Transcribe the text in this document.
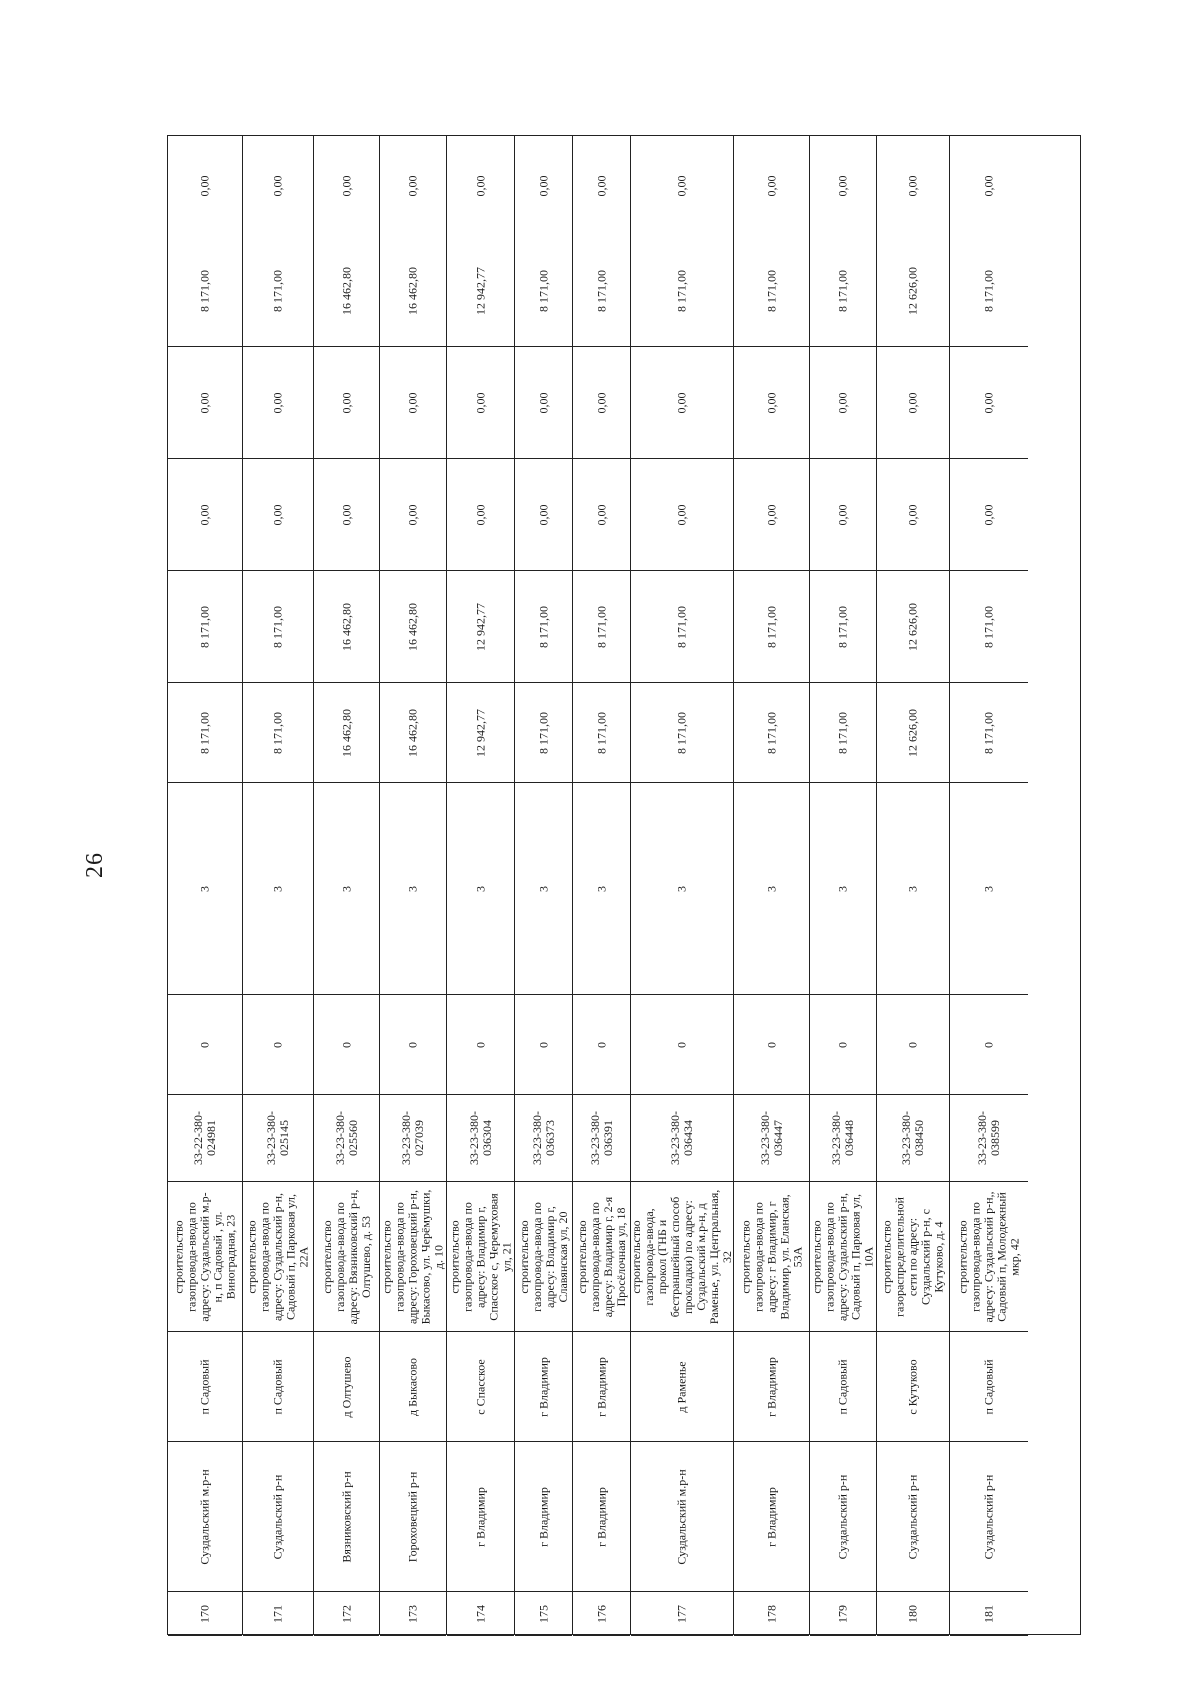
26
170
Суздальский м.р-н
п Садовый
строительство
газопровода-ввода по
адресу: Суздальский м.р-
н, п Садовый , ул.
Виноградная, 23
33-22-380-
024981
0
3
8 171,00
8 171,00
0,00
0,00
8 171,00
0,00
171
Суздальский р-н
п Садовый
строительство
газопровода-ввода по
адресу: Суздальский р-н,
Садовый п, Парковая ул,
22А
33-23-380-
025145
0
3
8 171,00
8 171,00
0,00
0,00
8 171,00
0,00
172
Вязниковский р-н
д Олтушево
строительство
газопровода-ввода по
адресу: Вязниковский р-н,
Олтушево, д. 53
33-23-380-
025560
0
3
16 462,80
16 462,80
0,00
0,00
16 462,80
0,00
173
Гороховецкий р-н
д Быкасово
строительство
газопровода-ввода по
адресу: Гороховецкий р-н,
Быкасово, ул. Черёмушки,
д. 10
33-23-380-
027039
0
3
16 462,80
16 462,80
0,00
0,00
16 462,80
0,00
174
г Владимир
с Спасское
строительство
газопровода-ввода по
адресу: Владимир г,
Спасское с, Черемуховая
ул, 21
33-23-380-
036304
0
3
12 942,77
12 942,77
0,00
0,00
12 942,77
0,00
175
г Владимир
г Владимир
строительство
газопровода-ввода по
адресу: Владимир г,
Славянская ул, 20
33-23-380-
036373
0
3
8 171,00
8 171,00
0,00
0,00
8 171,00
0,00
176
г Владимир
г Владимир
строительство
газопровода-ввода по
адресу: Владимир г, 2-я
Просёлочная ул, 18
33-23-380-
036391
0
3
8 171,00
8 171,00
0,00
0,00
8 171,00
0,00
177
Суздальский м.р-н
д Раменье
строительство
газопровода-ввода,
прокол (ГНБ и
бестраншейный способ
прокладки) по адресу:
Суздальский м.р-н, д
Раменье, ул. Центральная,
32
33-23-380-
036434
0
3
8 171,00
8 171,00
0,00
0,00
8 171,00
0,00
178
г Владимир
г Владимир
строительство
газопровода-ввода по
адресу: г Владимир, г
Владимир, ул. Еланская,
53А
33-23-380-
036447
0
3
8 171,00
8 171,00
0,00
0,00
8 171,00
0,00
179
Суздальский р-н
п Садовый
строительство
газопровода-ввода по
адресу: Суздальский р-н,
Садовый п, Парковая ул,
10А
33-23-380-
036448
0
3
8 171,00
8 171,00
0,00
0,00
8 171,00
0,00
180
Суздальский р-н
с Кутуково
строительство
газораспределительной
сети по адресу:
Суздальский р-н, с
Кутуково, д. 4
33-23-380-
038450
0
3
12 626,00
12 626,00
0,00
0,00
12 626,00
0,00
181
Суздальский р-н
п Садовый
строительство
газопровода-ввода по
адресу: Суздальский р-н,,
Садовый п, Молодежный
мкр, 42
33-23-380-
038599
0
3
8 171,00
8 171,00
0,00
0,00
8 171,00
0,00
